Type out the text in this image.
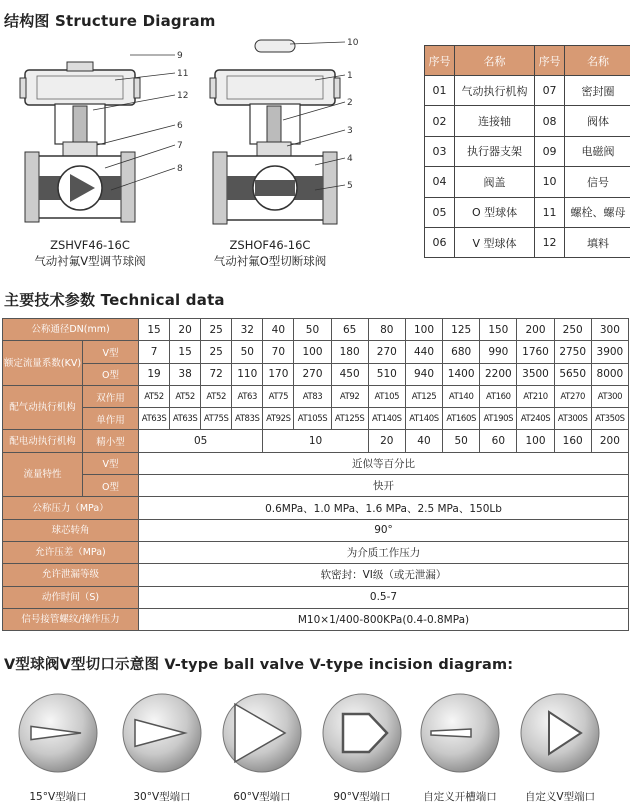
结构图 Structure Diagram
9
11
12
6
7
8
ZSHVF46-16C
气动衬氟V型调节球阀
10
1
2
3
4
5
ZSHOF46-16C
气动衬氟O型切断球阀
序号	名称	序号	名称
01	气动执行机构	07	密封圈
02	连接轴	08	阀体
03	执行器支架	09	电磁阀
04	阀盖	10	信号
05	O 型球体	11	螺栓、螺母
06	V 型球体	12	填料
主要技术参数 Technical data
公称通径DN(mm)		15	20	25	32	40	50	65	80	100	125	150	200	250	300
额定流量系数(KV)	V型	7	15	25	50	70	100	180	270	440	680	990	1760	2750	3900
	O型	19	38	72	110	170	270	450	510	940	1400	2200	3500	5650	8000
配气动执行机构	双作用	AT52	AT52	AT52	AT63	AT75	AT83	AT92	AT105	AT125	AT140	AT160	AT210	AT270	AT300
	单作用	AT63S	AT63S	AT75S	AT83S	AT92S	AT105S	AT125S	AT140S	AT140S	AT160S	AT190S	AT240S	AT300S	AT350S
配电动执行机构	精小型	05				10			20	40	50	60	100	160	200
流量特性	V型	近似等百分比													
	O型	快开													
公称压力（MPa）		0.6MPa、1.0 MPa、1.6 MPa、2.5 MPa、150Lb													
球芯转角		90°													
允许压差（MPa)		为介质工作压力													
允许泄漏等级		软密封：VI级（或无泄漏）													
动作时间（S)		0.5-7													
信号接管螺纹/操作压力		M10×1/400-800KPa(0.4-0.8MPa)													
V型球阀V型切口示意图 V-type ball valve V-type incision diagram:
15°V型端口	30°V型端口	60°V型端口	90°V型端口	自定义开槽端口	自定义V型端口
